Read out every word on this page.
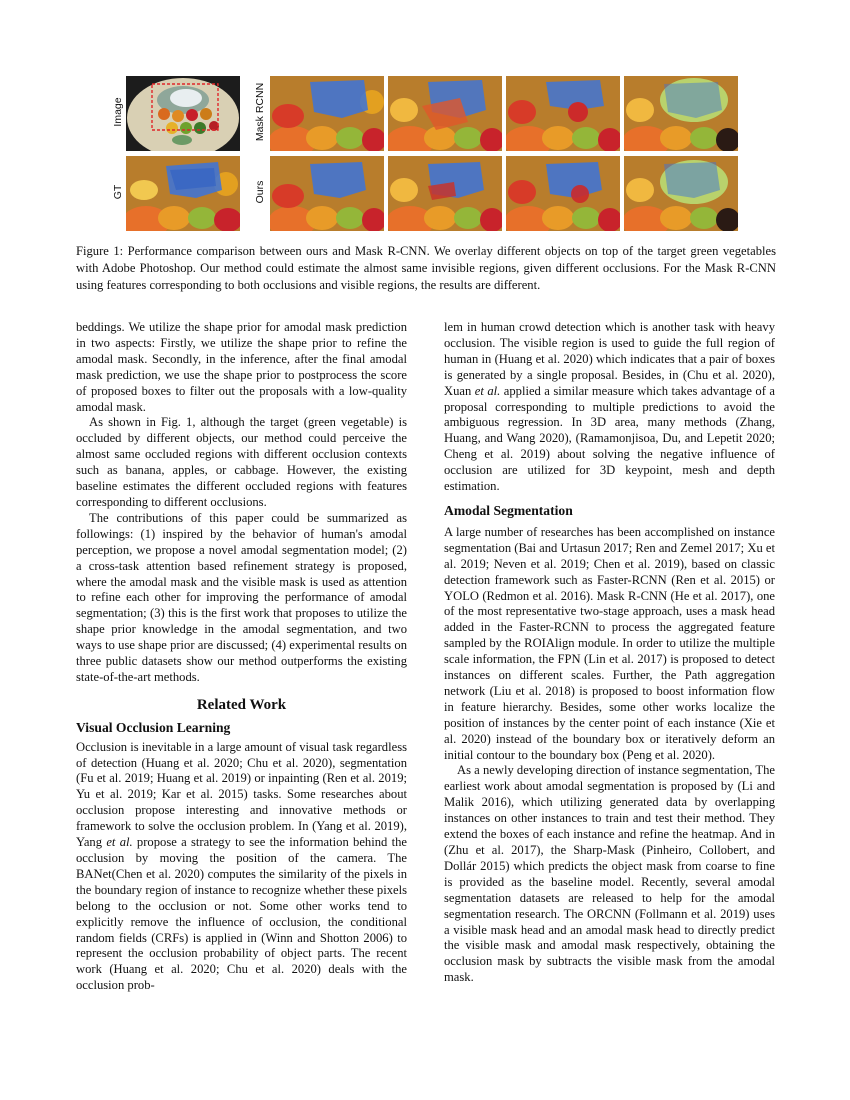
Image
GT
Mask RCNN
Ours
Figure 1: Performance comparison between ours and Mask R-CNN. We overlay different objects on top of the target green vegetables with Adobe Photoshop. Our method could estimate the almost same invisible regions, given different occlusions. For the Mask R-CNN using features corresponding to both occlusions and visible regions, the results are different.

beddings. We utilize the shape prior for amodal mask prediction in two aspects: Firstly, we utilize the shape prior to refine the amodal mask. Secondly, in the inference, after the final amodal mask prediction, we use the shape prior to postprocess the score of proposed boxes to filter out the proposals with a low-quality amodal mask.

As shown in Fig. 1, although the target (green vegetable) is occluded by different objects, our method could perceive the almost same occluded regions with different occlusion contexts such as banana, apples, or cabbage. However, the existing baseline estimates the different occluded regions with features corresponding to different occlusions.

The contributions of this paper could be summarized as followings: (1) inspired by the behavior of human's amodal perception, we propose a novel amodal segmentation model; (2) a cross-task attention based refinement strategy is proposed, where the amodal mask and the visible mask is used as attention to refine each other for improving the performance of amodal segmentation; (3) this is the first work that proposes to utilize the shape prior knowledge in the amodal segmentation, and two ways to use shape prior are discussed; (4) experimental results on three public datasets show our method outperforms the existing state-of-the-art methods.

Related Work
Visual Occlusion Learning

Occlusion is inevitable in a large amount of visual task regardless of detection (Huang et al. 2020; Chu et al. 2020), segmentation (Fu et al. 2019; Huang et al. 2019) or inpainting (Ren et al. 2019; Yu et al. 2019; Kar et al. 2015) tasks. Some researches about occlusion propose interesting and innovative methods or framework to solve the occlusion problem. In (Yang et al. 2019), Yang et al. propose a strategy to see the information behind the occlusion by moving the position of the camera. The BANet(Chen et al. 2020) computes the similarity of the pixels in the boundary region of instance to recognize whether these pixels belong to the occlusion or not. Some other works tend to explicitly remove the influence of occlusion, the conditional random fields (CRFs) is applied in (Winn and Shotton 2006) to represent the occlusion probability of object parts. The recent work (Huang et al. 2020; Chu et al. 2020) deals with the occlusion prob-

lem in human crowd detection which is another task with heavy occlusion. The visible region is used to guide the full region of human in (Huang et al. 2020) which indicates that a pair of boxes is generated by a single proposal. Besides, in (Chu et al. 2020), Xuan et al. applied a similar measure which takes advantage of a proposal corresponding to multiple predictions to avoid the ambiguous regression. In 3D area, many methods (Zhang, Huang, and Wang 2020), (Ramamonjisoa, Du, and Lepetit 2020; Cheng et al. 2019) about solving the negative influence of occlusion are utilized for 3D keypoint, mesh and depth estimation.

Amodal Segmentation

A large number of researches has been accomplished on instance segmentation (Bai and Urtasun 2017; Ren and Zemel 2017; Xu et al. 2019; Neven et al. 2019; Chen et al. 2019), based on classic detection framework such as Faster-RCNN (Ren et al. 2015) or YOLO (Redmon et al. 2016). Mask R-CNN (He et al. 2017), one of the most representative two-stage approach, uses a mask head added in the Faster-RCNN to process the aggregated feature sampled by the ROIAlign module. In order to utilize the multiple scale information, the FPN (Lin et al. 2017) is proposed to detect instances on different scales. Further, the Path aggregation network (Liu et al. 2018) is proposed to boost information flow in feature hierarchy. Besides, some other works localize the position of instances by the center point of each instance (Xie et al. 2020) instead of the boundary box or iteratively deform an initial contour to the boundary box (Peng et al. 2020).

As a newly developing direction of instance segmentation, The earliest work about amodal segmentation is proposed by (Li and Malik 2016), which utilizing generated data by overlapping instances on other instances to train and test their method. They extend the boxes of each instance and refine the heatmap. And in (Zhu et al. 2017), the Sharp-Mask (Pinheiro, Collobert, and Dollár 2015) which predicts the object mask from coarse to fine is provided as the baseline model. Recently, several amodal segmentation datasets are released to help for the amodal segmentation research. The ORCNN (Follmann et al. 2019) uses a visible mask head and an amodal mask head to directly predict the visible mask and amodal mask respectively, obtaining the occlusion mask by subtracts the visible mask from the amodal mask.
